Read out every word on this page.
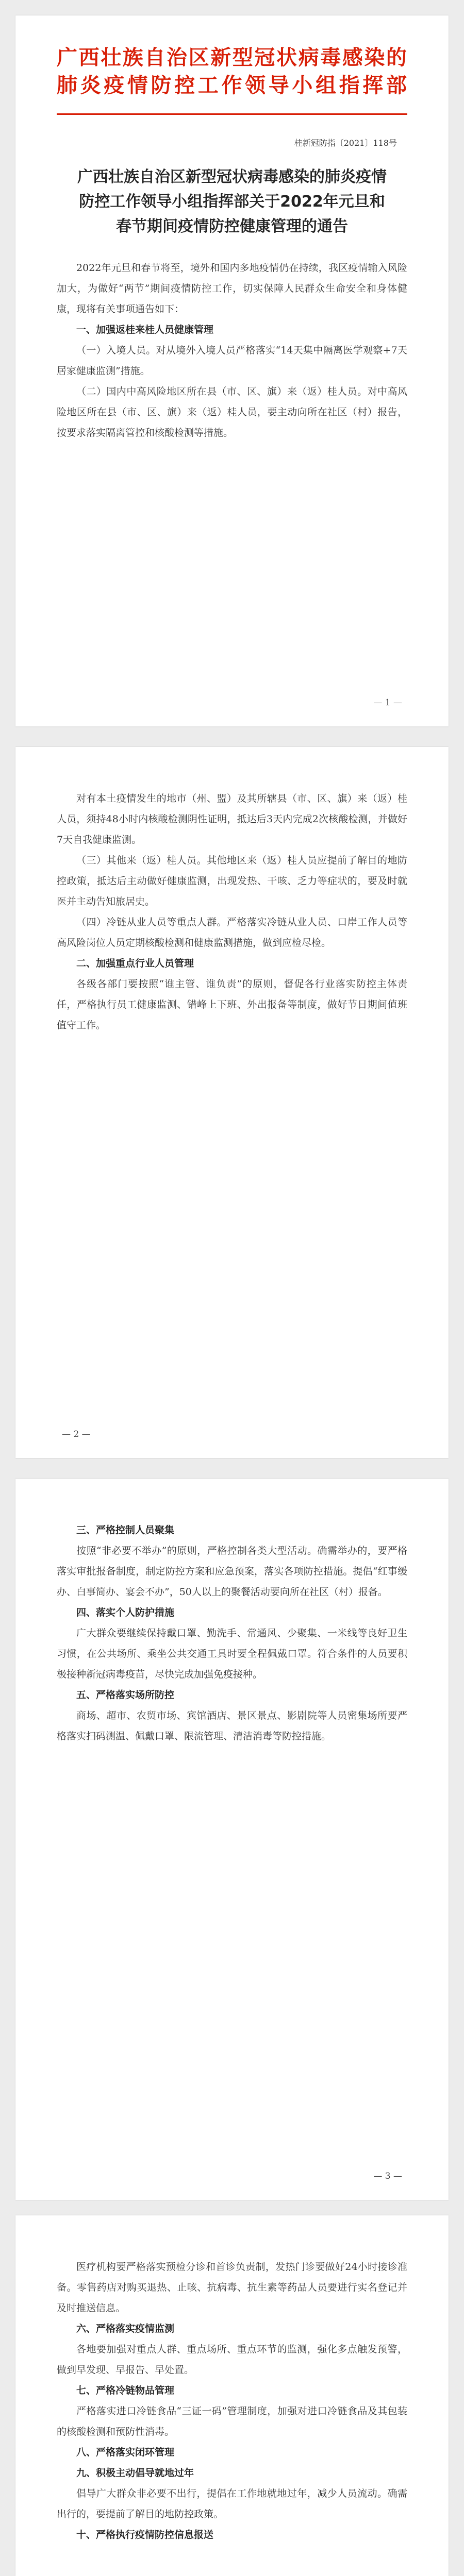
广西壮族自治区新型冠状病毒感染的肺炎疫情防控工作领导小组指挥部
桂新冠防指〔2021〕118号
广西壮族自治区新型冠状病毒感染的肺炎疫情防控工作领导小组指挥部关于2022年元旦和春节期间疫情防控健康管理的通告

2022年元旦和春节将至，境外和国内多地疫情仍在持续，我区疫情输入风险加大，为做好“两节”期间疫情防控工作，切实保障人民群众生命安全和身体健康，现将有关事项通告如下：

一、加强返桂来桂人员健康管理

（一）入境人员。对从境外入境人员严格落实“14天集中隔离医学观察+7天居家健康监测”措施。

（二）国内中高风险地区所在县（市、区、旗）来（返）桂人员。对中高风险地区所在县（市、区、旗）来（返）桂人员，要主动向所在社区（村）报告，按要求落实隔离管控和核酸检测等措施。

— 1 —

对有本土疫情发生的地市（州、盟）及其所辖县（市、区、旗）来（返）桂人员，须持48小时内核酸检测阴性证明，抵达后3天内完成2次核酸检测，并做好7天自我健康监测。

（三）其他来（返）桂人员。其他地区来（返）桂人员应提前了解目的地防控政策，抵达后主动做好健康监测，出现发热、干咳、乏力等症状的，要及时就医并主动告知旅居史。

（四）冷链从业人员等重点人群。严格落实冷链从业人员、口岸工作人员等高风险岗位人员定期核酸检测和健康监测措施，做到应检尽检。

二、加强重点行业人员管理

各级各部门要按照“谁主管、谁负责”的原则，督促各行业落实防控主体责任，严格执行员工健康监测、错峰上下班、外出报备等制度，做好节日期间值班值守工作。

— 2 —
三、严格控制人员聚集

按照“非必要不举办”的原则，严格控制各类大型活动。确需举办的，要严格落实审批报备制度，制定防控方案和应急预案，落实各项防控措施。提倡“红事缓办、白事简办、宴会不办”，50人以上的聚餐活动要向所在社区（村）报备。

四、落实个人防护措施

广大群众要继续保持戴口罩、勤洗手、常通风、少聚集、一米线等良好卫生习惯，在公共场所、乘坐公共交通工具时要全程佩戴口罩。符合条件的人员要积极接种新冠病毒疫苗，尽快完成加强免疫接种。

五、严格落实场所防控

商场、超市、农贸市场、宾馆酒店、景区景点、影剧院等人员密集场所要严格落实扫码测温、佩戴口罩、限流管理、清洁消毒等防控措施。

— 3 —

医疗机构要严格落实预检分诊和首诊负责制，发热门诊要做好24小时接诊准备。零售药店对购买退热、止咳、抗病毒、抗生素等药品人员要进行实名登记并及时推送信息。

六、严格落实疫情监测

各地要加强对重点人群、重点场所、重点环节的监测，强化多点触发预警，做到早发现、早报告、早处置。

七、严格冷链物品管理

严格落实进口冷链食品“三证一码”管理制度，加强对进口冷链食品及其包装的核酸检测和预防性消毒。

八、严格落实闭环管理
九、积极主动倡导就地过年

倡导广大群众非必要不出行，提倡在工作地就地过年，减少人员流动。确需出行的，要提前了解目的地防控政策。

十、严格执行疫情防控信息报送
